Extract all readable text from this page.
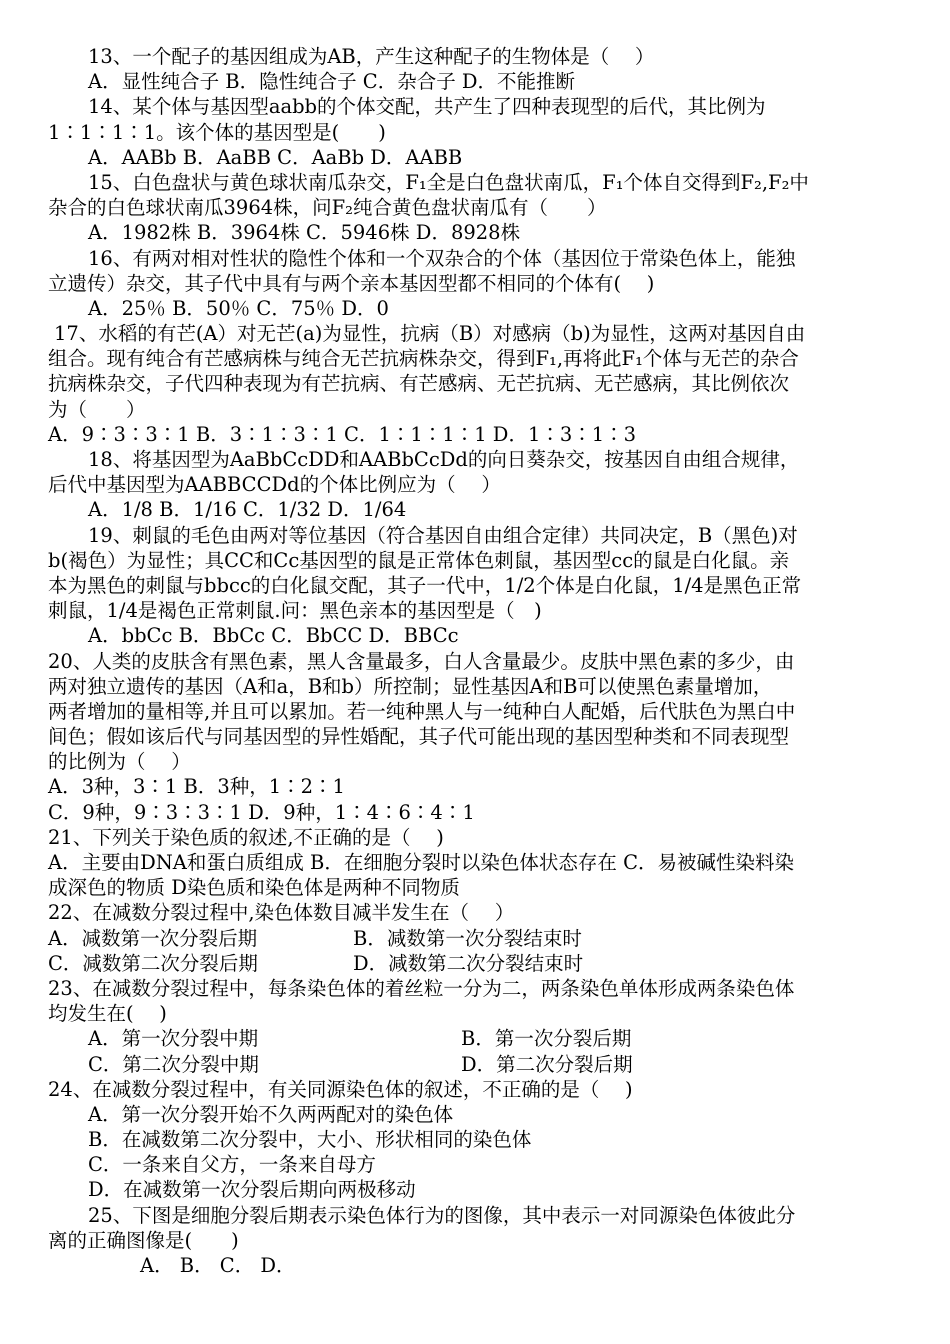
13、一个配子的基因组成为AB，产生这种配子的生物体是（　 ）
A．显性纯合子 B．隐性纯合子 C．杂合子 D．不能推断
14、某个体与基因型aabb的个体交配，共产生了四种表现型的后代，其比例为
1∶1∶1∶1。该个体的基因型是(　　)
A．AABb B．AaBB C．AaBb D．AABB
15、白色盘状与黄色球状南瓜杂交，F₁全是白色盘状南瓜，F₁个体自交得到F₂,F₂中
杂合的白色球状南瓜3964株，问F₂纯合黄色盘状南瓜有（　　）
A．1982株 B．3964株 C．5946株 D．8928株
16、有两对相对性状的隐性个体和一个双杂合的个体（基因位于常染色体上，能独
立遗传）杂交，其子代中具有与两个亲本基因型都不相同的个体有(　 )
A．25％ B．50％ C．75％ D．0
17、水稻的有芒(A）对无芒(a)为显性，抗病（B）对感病（b)为显性，这两对基因自由
组合。现有纯合有芒感病株与纯合无芒抗病株杂交，得到F₁,再将此F₁个体与无芒的杂合
抗病株杂交，子代四种表现为有芒抗病、有芒感病、无芒抗病、无芒感病，其比例依次
为（　　）
A．9∶3∶3∶1 B．3∶1∶3∶1 C．1∶1∶1∶1 D．1∶3∶1∶3
18、将基因型为AaBbCcDD和AABbCcDd的向日葵杂交，按基因自由组合规律，
后代中基因型为AABBCCDd的个体比例应为（　 ）
A．1/8 B．1/16 C．1/32 D．1/64
19、刺鼠的毛色由两对等位基因（符合基因自由组合定律）共同决定，B（黑色)对
b(褐色）为显性；具CC和Cc基因型的鼠是正常体色刺鼠，基因型cc的鼠是白化鼠。亲
本为黑色的刺鼠与bbcc的白化鼠交配，其子一代中，1/2个体是白化鼠，1/4是黑色正常
刺鼠，1/4是褐色正常刺鼠.问：黑色亲本的基因型是（　)
A．bbCc B．BbCc C．BbCC D．BBCc
20、人类的皮肤含有黑色素，黑人含量最多，白人含量最少。皮肤中黑色素的多少，由
两对独立遗传的基因（A和a，B和b）所控制；显性基因A和B可以使黑色素量增加，
两者增加的量相等,并且可以累加。若一纯种黑人与一纯种白人配婚，后代肤色为黑白中
间色；假如该后代与同基因型的异性婚配，其子代可能出现的基因型种类和不同表现型
的比例为（　 ）
A．3种，3∶1 B．3种，1∶2∶1
C．9种，9∶3∶3∶1 D．9种，1∶4∶6∶4∶1
21、下列关于染色质的叙述,不正确的是（　 )
A．主要由DNA和蛋白质组成 B．在细胞分裂时以染色体状态存在 C．易被碱性染料染
成深色的物质 D染色质和染色体是两种不同物质
22、在减数分裂过程中,染色体数目减半发生在（　 ）
A．减数第一次分裂后期	B．减数第一次分裂结束时
C．减数第二次分裂后期	D．减数第二次分裂结束时
23、在减数分裂过程中，每条染色体的着丝粒一分为二，两条染色单体形成两条染色体
均发生在(　 )
A．第一次分裂中期	B．第一次分裂后期
C．第二次分裂中期	D．第二次分裂后期
24、在减数分裂过程中，有关同源染色体的叙述，不正确的是（　 )
A．第一次分裂开始不久两两配对的染色体
B．在减数第二次分裂中，大小、形状相同的染色体
C．一条来自父方，一条来自母方
D．在减数第一次分裂后期向两极移动
25、下图是细胞分裂后期表示染色体行为的图像，其中表示一对同源染色体彼此分
离的正确图像是(　　)
A． B． C． D．
